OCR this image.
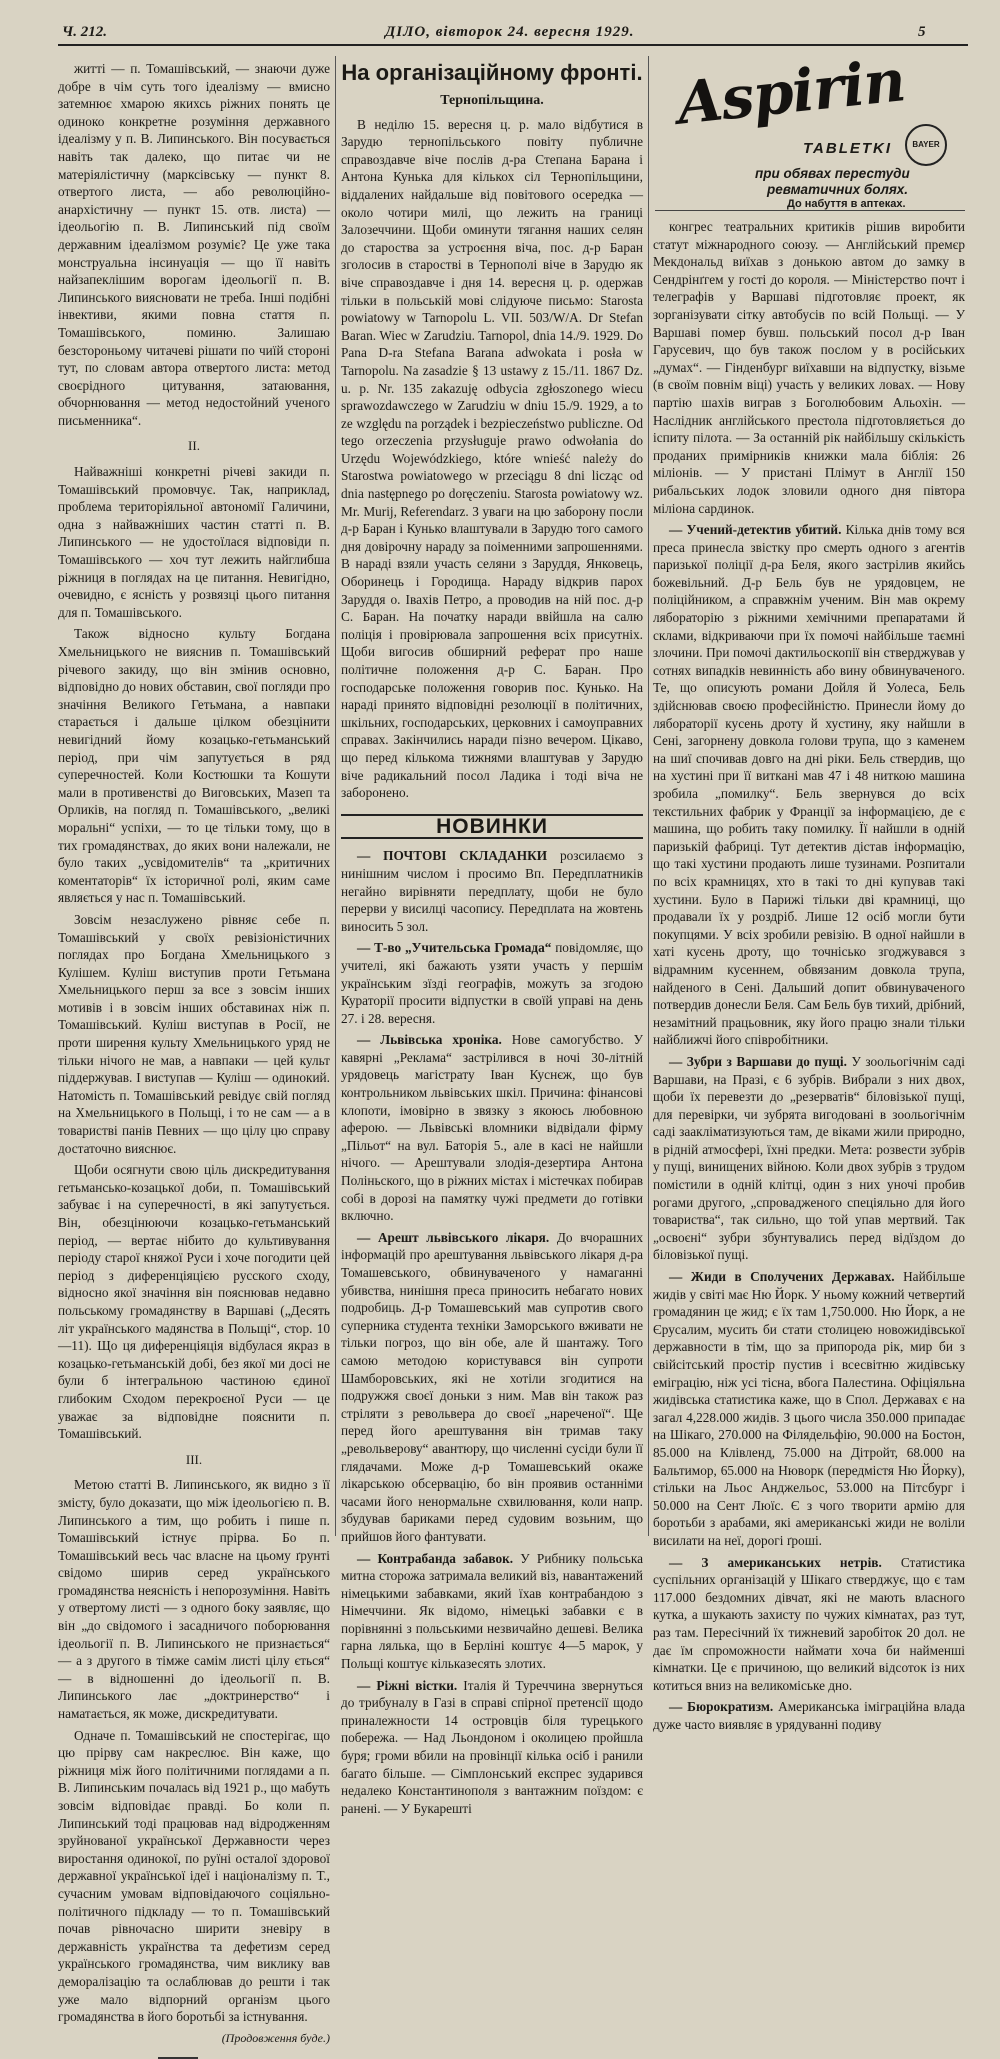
Ч. 212.	ДІЛО, вівторок 24. вересня 1929.	5

житті — п. Томашівський, — знаючи дуже добре в чім суть того ідеалізму — вмисно затемнює хмарою якихсь ріжних понять це одиноко конкретне розуміння державного ідеалізму у п. В. Липинського. Він посувається навіть так далеко, що питає чи не матеріялістичну (марксівську — пункт 8. отвертого листа, — або революційно-анархістичну — пункт 15. отв. листа) — ідеольогію п. В. Липинський під своїм державним ідеалізмом розуміє? Це уже така монструальна інсинуація — що її навіть найзапеклішим ворогам ідеольогії п. В. Липинського виясновати не треба. Інші подібні інвективи, якими повна стаття п. Томашівського, поминю. Залишаю безстороньому читачеві рішати по чиїй стороні тут, по словам автора отвертого листа: метод своєрідного цитування, затаювання, обчорнювання — метод недостойний ученого письменника“.

II.

Найважніші конкретні річеві закиди п. Томашівський промовчує. Так, наприклад, проблема територіяльної автономії Галичини, одна з найважніших частин статті п. В. Липинського — не удостоїлася відповіди п. Томашівського — хоч тут лежить найглибша ріжниця в поглядах на це питання. Невигідно, очевидно, є ясність у розвязці цього питання для п. Томашівського.

Також відносно культу Богдана Хмельницького не вияснив п. Томашівський річевого закиду, що він змінив основно, відповідно до нових обставин, свої погляди про значіння Великого Гетьмана, а навпаки старається і дальше цілком обезцінити невигідний йому козацько-гетьманський період, при чім запутується в ряд суперечностей. Коли Костюшки та Кошути мали в противенстві до Виговських, Мазеп та Орликів, на погляд п. Томашівського, „великі моральні“ успіхи, — то це тільки тому, що в тих громадянствах, до яких вони належали, не було таких „усвідомителів“ та „критичних коментаторів“ їх історичної ролі, яким саме являється у нас п. Томашівський.

Зовсім незаслужено рівняє себе п. Томашівський у своїх ревізіоністичних поглядах про Богдана Хмельницького з Кулішем. Куліш виступив проти Гетьмана Хмельницького перш за все з зовсім інших мотивів і в зовсім інших обставинах ніж п. Томашівський. Куліш виступав в Росії, не проти ширення культу Хмельницького уряд не тільки нічого не мав, а навпаки — цей культ піддержував. І виступав — Куліш — одинокий. Натомість п. Томашівський ревідує свій погляд на Хмельницького в Польщі, і то не сам — а в товаристві панів Певних — що цілу цю справу достаточно вияснює.

Щоби осягнути свою ціль дискредитування гетьмансько-козацької доби, п. Томашівський забуває і на суперечності, в які запутується. Він, обезцінюючи козацько-гетьманський період, — вертає нібито до культивування періоду старої княжої Руси і хоче погодити цей період з диференціяцією русского сходу, відносно якої значіння він пояснював недавно польському громадянству в Варшаві („Десять літ українського мадянства в Польщі“, стор. 10—11). Що ця диференціяція відбулася якраз в козацько-гетьманській добі, без якої ми досі не були б інтегральною частиною єдиної глибоким Сходом перекроєної Руси — це уважає за відповідне пояснити п. Томашівський.

III.

Метою статті В. Липинського, як видно з її змісту, було доказати, що між ідеольогією п. В. Липинського а тим, що робить і пише п. Томашівський істнує прірва. Бо п. Томашівський весь час власне на цьому ґрунті свідомо ширив серед українського громадянства неясність і непорозуміння. Навіть у отвертому листі — з одного боку заявляє, що він „до свідомого і засадничого поборювання ідеольогії п. В. Липинського не признається“ — а з другого в тімже самім листі цілу ється“ — в відношенні до ідеольогії п. В. Липинського лає „доктринерство“ і наматається, як може, дискредитувати.

Одначе п. Томашівський не спостерігає, що цю прірву сам накреслює. Він каже, що ріжниця між його політичними поглядами а п. В. Липинським почалась від 1921 р., що мабуть зовсім відповідає правді. Бо коли п. Липинський тоді працював над відродженням зруйнованої української Державности через виростання одинокої, по руїні осталої здорової державної української ідеї і націоналізму п. Т., сучасним умовам відповідаючого соціяльно-політичного підкладу — то п. Томашівський почав рівночасно ширити зневіру в державність українства та дефетизм серед українського громадянства, чим виклику вав деморалізацію та ослаблював до решти і так уже мало відпорний організм цього громадянства в його боротьбі за істнування.

(Продовження буде.)

На організаційному фронті.
Тернопільщина.

В неділю 15. вересня ц. р. мало відбутися в Зарудю тернопільського повіту публичне справоздавче віче послів д-ра Степана Барана і Антона Кунька для кількох сіл Тернопільщини, віддалених найдальше від повітового осередка — около чотири милі, що лежить на границі Залозеччини. Щоби оминути тягання наших селян до староства за устроєння віча, пос. д-р Баран зголосив в старостві в Тернополі віче в Зарудю як віче справоздавче і дня 14. вересня ц. р. одержав тільки в польській мові слідуюче письмо: Starosta powiatowy w Tarnopolu L. VII. 503/W/A. Dr Stefan Baran. Wiec w Zarudziu. Tarnopol, dnia 14./9. 1929. Do Pana D-ra Stefana Barana adwokata i posła w Tarnopolu. Na zasadzie § 13 ustawy z 15./11. 1867 Dz. u. p. Nr. 135 zakazuję odbycia zgłoszonego wiecu sprawozdawczego w Zarudziu w dniu 15./9. 1929, a to ze względu na porządek i bezpieczeństwo publiczne. Od tego orzeczenia przysługuje prawo odwołania do Urzędu Wojewódzkiego, które wnieść należy do Starostwa powiatowego w przeciągu 8 dni licząc od dnia następnego po doręczeniu. Starosta powiatowy wz. Mr. Murij, Referendarz. З уваги на цю заборону посли д-р Баран і Кунько влаштували в Зарудю того самого дня довірочну нараду за поіменними запрошеннями. В нараді взяли участь селяни з Заруддя, Янковець, Оборинець і Городища. Нараду відкрив парох Заруддя о. Івахів Петро, а проводив на ній пос. д-р С. Баран. На початку наради ввійшла на салю поліція і провірювала запрошення всіх присутніх. Щоби вигосив обширний реферат про наше політичне положення д-р С. Баран. Про господарське положення говорив пос. Кунько. На нараді принято відповідні резолюції в політичних, шкільних, господарських, церковних і самоуправних справах. Закінчились наради пізно вечером. Цікаво, що перед кількома тижнями влаштував у Зарудю віче радикальний посол Ладика і тоді віча не заборонено.

НОВИНКИ

— ПОЧТОВІ СКЛАДАНКИ розсилаємо з нинішним числом і просимо Вп. Передплатників негайно вирівняти передплату, щоби не було перерви у висилці часопису. Передплата на жовтень виносить 5 зол.

— Т-во „Учительська Громада“ повідомляє, що учителі, які бажають узяти участь у першім українським зїзді географів, можуть за згодою Кураторії просити відпустки в своїй управі на день 27. і 28. вересня.

— Львівська хроніка. Нове самогубство. У кавярні „Реклама“ застрілився в ночі 30-літній урядовець магістрату Іван Куснєж, що був контрольником львівських шкіл. Причина: фінансові клопоти, імовірно в звязку з якоюсь любовною аферою. — Львівські вломники відвідали фірму „Пільот“ на вул. Баторія 5., але в касі не найшли нічого. — Арештували злодія-дезертира Антона Поліньского, що в ріжних містах і містечках побирав собі в дорозі на памятку чужі предмети до готівки включно.

— Арешт львівського лікаря. До вчорашних інформацій про арештування львівського лікаря д-ра Томашевського, обвинуваченого у намаганні убивства, нинішня преса приносить небагато нових подробиць. Д-р Томашевський мав супротив свого суперника студента техніки Заморського вживати не тільки погроз, що він обе, але й шантажу. Того самою методою користувався він супроти Шамборовських, які не хотіли згодитися на подружжя своєї доньки з ним. Мав він також раз стріляти з револьвера до своєї „нареченої“. Ще перед його арештування він тримав таку „револьверову“ авантюру, що численні сусіди були її глядачами. Може д-р Томашевський окаже лікарською обсервацію, бо він проявив останніми часами його ненормальне схвилювання, коли напр. збудував бариками перед судовим возьним, що прийшов його фантувати.

— Контрабанда забавок. У Рибнику польська митна сторожа затримала великий віз, навантажений німецькими забавками, який їхав контрабандою з Німеччини. Як відомо, німецькі забавки є в порівнянні з польськими незвичайно дешеві. Велика гарна лялька, що в Берліні коштує 4—5 марок, у Польщі коштує кільказесять злотих.

— Ріжні вістки. Італія й Туреччина звернуться до трибуналу в Газі в справі спірної претенсії щодо приналежности 14 островців біля турецького побережа. — Над Льондоном і околицею пройшла буря; громи вбили на провінції кілька осіб і ранили багато більше. — Сімплонський експрес зударився недалеко Константинополя з вантажним поїздом: є ранені. — У Букарешті

Aspirin
TABLETKI	BAYER
при обявах перестуди
ревматичних болях.
До набуття в аптеках.

конгрес театральних критиків рішив виробити статут міжнародного союзу. — Англійський премєр Мекдональд виїхав з донькою автом до замку в Сендрінґгем у гості до короля. — Міністерство почт і телеграфів у Варшаві підготовляє проект, як зорганізувати сітку автобусів по всій Польщі. — У Варшаві помер бувш. польський посол д-р Іван Гарусевич, що був також послом у в російських „думах“. — Гінденбург виїхавши на відпустку, візьме (в своїм повнім віці) участь у великих ловах. — Нову партію шахів виграв з Боголюбовим Альохін. — Наслідник англійського престола підготовляється до іспиту пілота. — За останній рік найбільшу скількість проданих примірників книжки мала біблія: 26 міліонів. — У пристані Плімут в Англії 150 рибальських лодок зловили одного дня півтора міліона сардинок.

— Учений-детектив убитий. Кілька днів тому вся преса принесла звістку про смерть одного з агентів паризької поліції д-ра Беля, якого застрілив якийсь божевільний. Д-р Бель був не урядовцем, не поліційником, а справжнім ученим. Він мав окрему лябораторію з ріжними хемічними препаратами й склами, відкриваючи при їх помочі найбільше таємні злочини. При помочі дактильоскопії він стверджував у сотнях випадків невинність або вину обвинуваченого. Те, що описують романи Дойля й Уолеса, Бель здійснював своєю професійністю. Принесли йому до лябораторії кусень дроту й хустину, яку найшли в Сені, загорнену довкола голови трупа, що з каменем на шиї спочивав довго на дні ріки. Бель ствердив, що на хустині при її виткані мав 47 і 48 ниткою машина зробила „помилку“. Бель звернувся до всіх текстильних фабрик у Франції за інформацією, де є машина, що робить таку помилку. Її найшли в одній паризькій фабриці. Тут детектив дістав інформацію, що такі хустини продають лише тузинами. Розпитали по всіх крамницях, хто в такі то дні купував такі хустини. Було в Парижі тільки дві крамниці, що продавали їх у роздріб. Лише 12 осіб могли бути покупцями. У всіх зробили ревізію. В одної найшли в хаті кусень дроту, що точнісько згоджувався з відрамним кусеннем, обвязаним довкола трупа, найденого в Сені. Дальший допит обвинуваченого потвердив донесли Беля. Сам Бель був тихий, дрібний, незамітний працьовник, яку його працю знали тільки найближчі його співробітники.

— Зубри з Варшави до пущі. У зоольогічнім саді Варшави, на Празі, є 6 зубрів. Вибрали з них двох, щоби їх перевезти до „резерватів“ біловізької пущі, для перевірки, чи зубрята вигодовані в зоольогічнім саді заакліматизуються там, де віками жили природно, в рідній атмосфері, їхні предки. Мета: розвести зубрів у пущі, винищених війною. Коли двох зубрів з трудом помістили в одній клітці, один з них уночі пробив рогами другого, „спровадженого спеціяльно для його товариства“, так сильно, що той упав мертвий. Так „освоєні“ зубри збунтувались перед відїздом до біловізької пущі.

— Жиди в Сполучених Державах. Найбільше жидів у світі має Ню Йорк. У ньому кожний четвертий громадянин це жид; є їх там 1,750.000. Ню Йорк, а не Єрусалим, мусить би стати столицею новожидівської державности в тім, що за припорода рік, мир би з свійсітський простір пустив і всесвітню жидівську еміграцію, ніж усі тісна, вбога Палестина. Офіціяльна жидівська статистика каже, що в Спол. Державах є на загал 4,228.000 жидів. З цього числа 350.000 припадає на Шікаго, 270.000 на Філядельфію, 90.000 на Бостон, 85.000 на Клівленд, 75.000 на Дітройт, 68.000 на Бальтимор, 65.000 на Нюворк (передмістя Ню Йорку), стільки на Льос Анджельос, 53.000 на Пітсбург і 50.000 на Сент Люїс. Є з чого творити армію для боротьби з арабами, які американські жиди не воліли висилати на неї, дорогі ґроші.

— З американських нетрів. Статистика суспільних організацій у Шікаго стверджує, що є там 117.000 бездомних дівчат, які не мають власного кутка, а шукають захисту по чужих кімнатах, раз тут, раз там. Пересічний їх тижневий заробіток 20 дол. не дає їм спроможности наймати хоча би найменші кімнатки. Це є причиною, що великий відсоток із них котиться вниз на великоміське дно.

— Бюрократизм. Американська іміграційна влада дуже часто виявляє в урядуванні подиву
